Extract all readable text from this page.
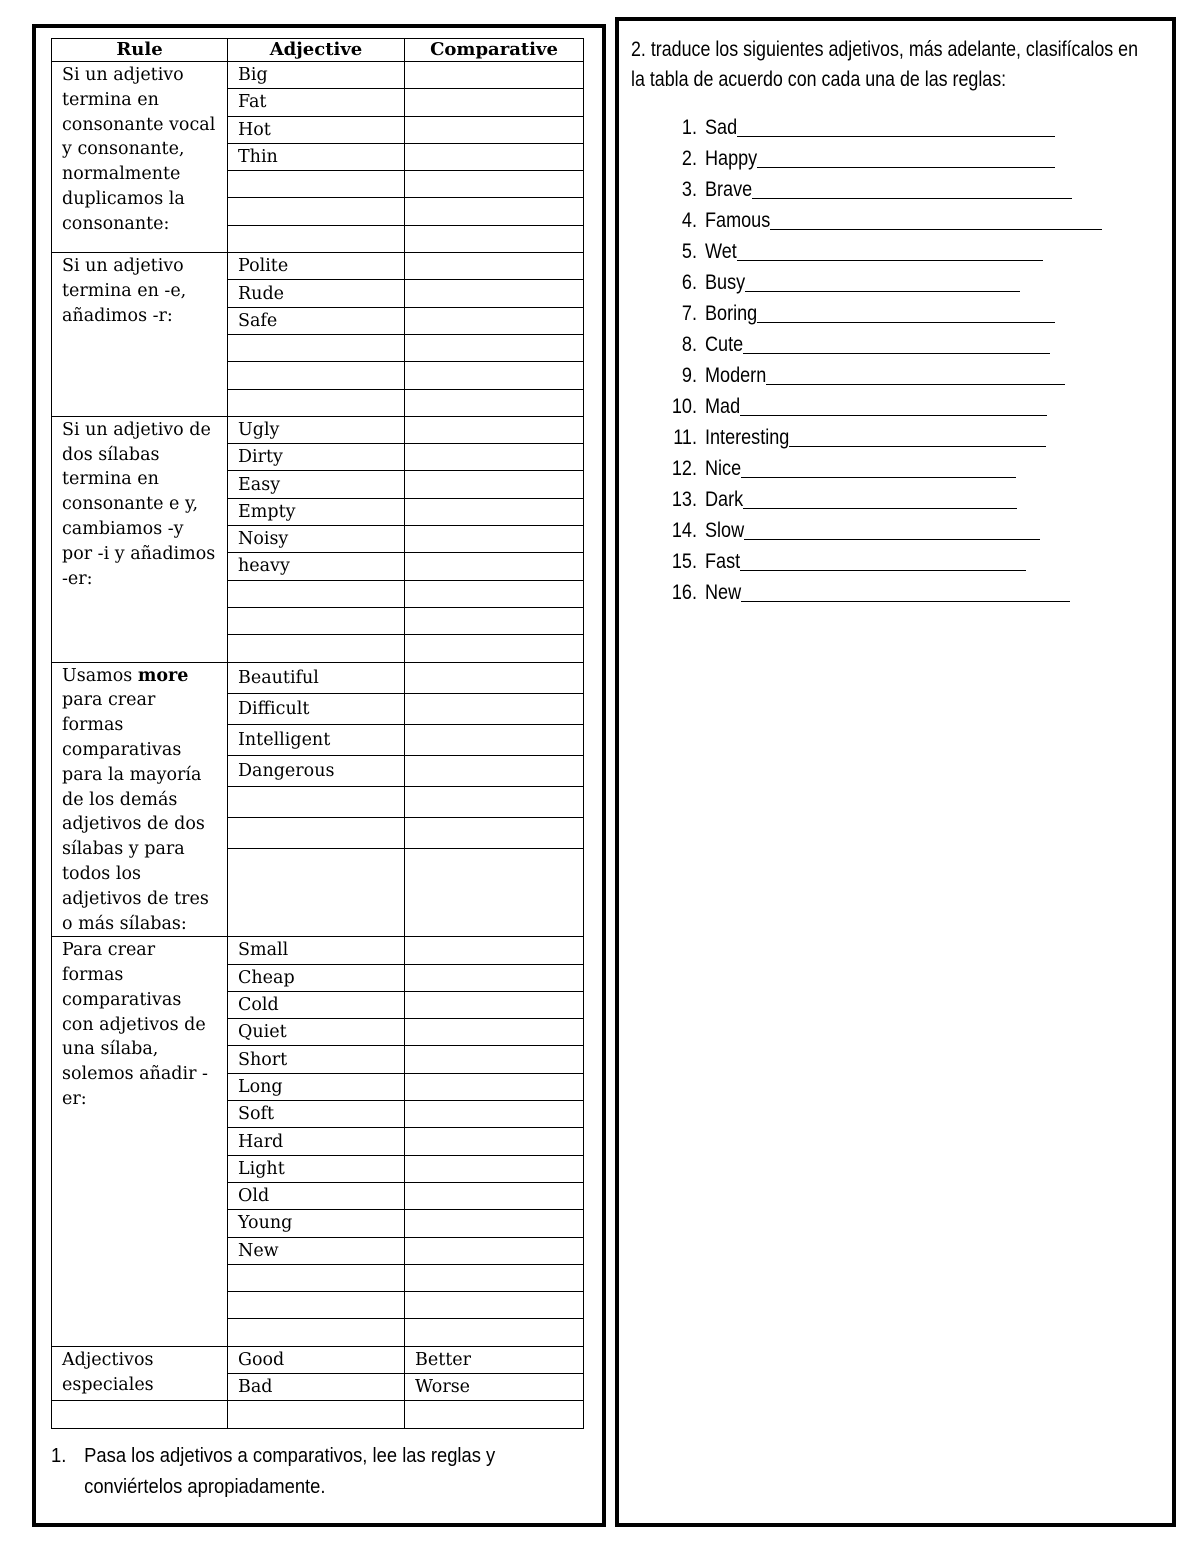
Rule	Adjective	Comparative
Si un adjetivo termina en consonante vocal y consonante, normalmente duplicamos la consonante:	Big	
	Fat	
	Hot	
	Thin	

Si un adjetivo termina en -e, añadimos -r:	Polite	
	Rude	
	Safe	

Si un adjetivo de dos sílabas termina en consonante e y, cambiamos -y por -i y añadimos -er:	Ugly	
	Dirty	
	Easy	
	Empty	
	Noisy	
	heavy	

Usamos more para crear formas comparativas para la mayoría de los demás adjetivos de dos sílabas y para todos los adjetivos de tres o más sílabas:	Beautiful	
	Difficult	
	Intelligent	
	Dangerous	

Para crear formas comparativas con adjetivos de una sílaba, solemos añadir -er:	Small	
	Cheap	
	Cold	
	Quiet	
	Short	
	Long	
	Soft	
	Hard	
	Light	
	Old	
	Young	
	New	

Adjectivos especiales	Good	Better
	Bad	Worse

1. Pasa los adjetivos a comparativos, lee las reglas y conviértelos apropiadamente.
2. traduce los siguientes adjetivos, más adelante, clasifícalos en la tabla de acuerdo con cada una de las reglas:
1. Sad
2. Happy
3. Brave
4. Famous
5. Wet
6. Busy
7. Boring
8. Cute
9. Modern
10. Mad
11. Interesting
12. Nice
13. Dark
14. Slow
15. Fast
16. New
